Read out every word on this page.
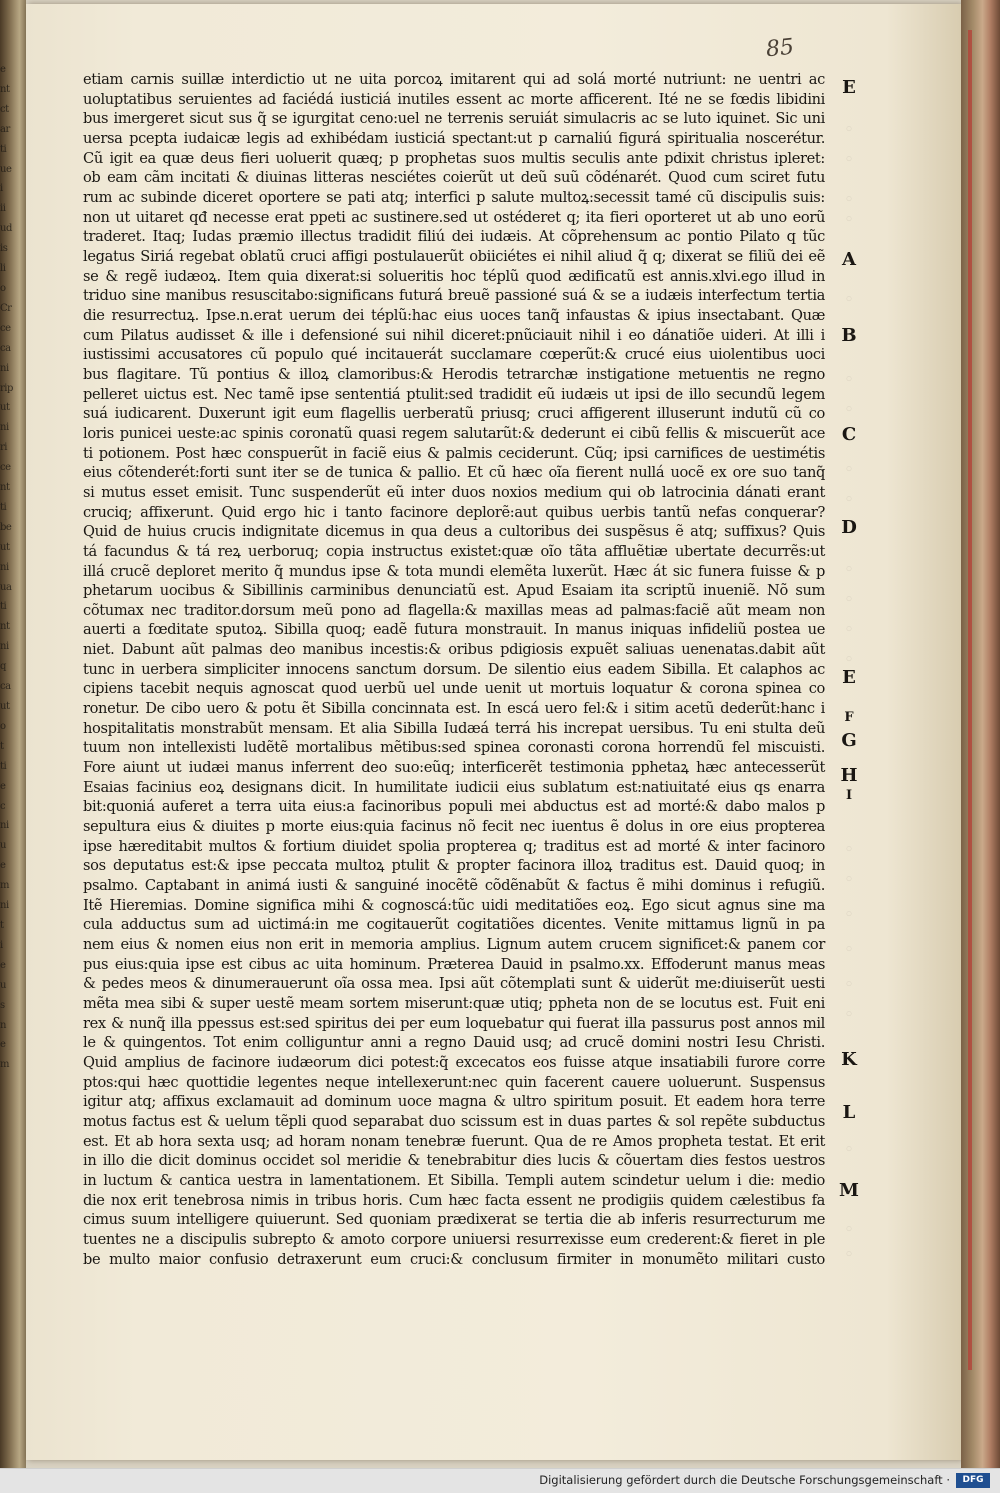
e
nt
ct
ar
ti
ue
i
ii
ud
is
li
o
Cr
ce
ca
ni
rip
ut
ni
ri
ce
nt
ti
be
ut
ni
ua
ti
nt
ni
q
ca
ut
o
t
ti
e
c
ni
u
e
m
ni
t
i
e
u
s
n
e
m
85
etiam carnis suillæ interdictio ut ne uita porcoꝝ imitarent qui ad solá morté nutriunt: ne uentri ac
uoluptatibus seruientes ad faciédá iusticiá inutiles essent ac morte afficerent. Ité ne se fœdis libidini
bus imergeret sicut sus q̃ se igurgitat ceno:uel ne terrenis seruiát simulacris ac se luto iquinet. Sic uni
uersa pcepta iudaicæ legis ad exhibédam iusticiá spectant:ut p carnaliú figurá spiritualia noscerétur.
Cũ igit ea quæ deus fieri uoluerit quæq; p prophetas suos multis seculis ante pdixit christus ipleret:
ob eam cãm incitati & diuinas litteras nesciétes coierũt ut deũ suũ cõdénarét. Quod cum sciret futu
rum ac subinde diceret oportere se pati atq; interfici p salute multoꝝ:secessit tamé cũ discipulis suis:
non ut uitaret qđ necesse erat ppeti ac sustinere.sed ut ostéderet q; ita fieri oporteret ut ab uno eorũ
traderet. Itaq; Iudas præmio illectus tradidit filiú dei iudæis. At cõprehensum ac pontio Pilato q tũc
legatus Siriá regebat oblatũ cruci affigi postulauerũt obiiciétes ei nihil aliud q̃ q; dixerat se filiũ dei eẽ
se & regẽ iudæoꝝ. Item quia dixerat:si solueritis hoc téplũ quod ædificatũ est annis.xlvi.ego illud in
triduo sine manibus resuscitabo:significans futurá breuẽ passioné suá & se a iudæis interfectum tertia
die resurrectuꝝ. Ipse.n.erat uerum dei téplũ:hac eius uoces tanq̃ infaustas & ipius insectabant. Quæ
cum Pilatus audisset & ille i defensioné sui nihil diceret:pnũciauit nihil i eo dánatiõe uideri. At illi i
iustissimi accusatores cũ populo qué incitauerát succlamare cœperũt:& crucé eius uiolentibus uoci
bus flagitare. Tũ pontius & illoꝝ clamoribus:& Herodis tetrarchæ instigatione metuentis ne regno
pelleret uictus est. Nec tamẽ ipse sententiá ptulit:sed tradidit eũ iudæis ut ipsi de illo secundũ legem
suá iudicarent. Duxerunt igit eum flagellis uerberatũ priusq; cruci affigerent illuserunt indutũ cũ co
loris punicei ueste:ac spinis coronatũ quasi regem salutarũt:& dederunt ei cibũ fellis & miscuerũt ace
ti potionem. Post hæc conspuerũt in faciẽ eius & palmis ceciderunt. Cũq; ipsi carnifices de uestimétis
eius cõtenderét:forti sunt iter se de tunica & pallio. Et cũ hæc oĩa fierent nullá uocẽ ex ore suo tanq̃
si mutus esset emisit. Tunc suspenderũt eũ inter duos noxios medium qui ob latrocinia dánati erant
cruciq; affixerunt. Quid ergo hic i tanto facinore deplorẽ:aut quibus uerbis tantũ nefas conquerar?
Quid de huius crucis indignitate dicemus in qua deus a cultoribus dei suspẽsus ẽ atq; suffixus? Quis
tá facundus & tá reꝝ uerboruq; copia instructus existet:quæ oĩo tãta affluẽtiæ ubertate decurrẽs:ut
illá crucẽ deploret merito q̃ mundus ipse & tota mundi elemẽta luxerũt. Hæc át sic funera fuisse & p
phetarum uocibus & Sibillinis carminibus denunciatũ est. Apud Esaiam ita scriptũ inueniẽ. Nõ sum
cõtumax nec traditor.dorsum meũ pono ad flagella:& maxillas meas ad palmas:faciẽ aũt meam non
auerti a fœditate sputoꝝ. Sibilla quoq; eadẽ futura monstrauit. In manus iniquas infideliũ postea ue
niet. Dabunt aũt palmas deo manibus incestis:& oribus pdigiosis expuẽt saliuas uenenatas.dabit aũt
tunc in uerbera simpliciter innocens sanctum dorsum. De silentio eius eadem Sibilla. Et calaphos ac
cipiens tacebit nequis agnoscat quod uerbũ uel unde uenit ut mortuis loquatur & corona spinea co
ronetur. De cibo uero & potu ẽt Sibilla concinnata est. In escá uero fel:& i sitim acetũ dederũt:hanc i
hospitalitatis monstrabũt mensam. Et alia Sibilla Iudæá terrá his increpat uersibus. Tu eni stulta deũ
tuum non intellexisti ludẽtẽ mortalibus mẽtibus:sed spinea coronasti corona horrendũ fel miscuisti.
Fore aiunt ut iudæi manus inferrent deo suo:eũq; interficerẽt testimonia pphetaꝝ hæc antecesserũt
Esaias facinius eoꝝ designans dicit. In humilitate iudicii eius sublatum est:natiuitaté eius qs enarra
bit:quoniá auferet a terra uita eius:a facinoribus populi mei abductus est ad morté:& dabo malos p
sepultura eius & diuites p morte eius:quia facinus nõ fecit nec iuentus ẽ dolus in ore eius propterea
ipse hæreditabit multos & fortium diuidet spolia propterea q; traditus est ad morté & inter facinoro
sos deputatus est:& ipse peccata multoꝝ ptulit & propter facinora illoꝝ traditus est. Dauid quoq; in
psalmo. Captabant in animá iusti & sanguiné inocẽtẽ cõdẽnabũt & factus ẽ mihi dominus i refugiũ.
Itẽ Hieremias. Domine significa mihi & cognoscá:tũc uidi meditatiões eoꝝ. Ego sicut agnus sine ma
cula adductus sum ad uictimá:in me cogitauerũt cogitatiões dicentes. Venite mittamus lignũ in pa
nem eius & nomen eius non erit in memoria amplius. Lignum autem crucem significet:& panem cor
pus eius:quia ipse est cibus ac uita hominum. Præterea Dauid in psalmo.xx. Effoderunt manus meas
& pedes meos & dinumerauerunt oĩa ossa mea. Ipsi aũt cõtemplati sunt & uiderũt me:diuiserũt uesti
mẽta mea sibi & super uestẽ meam sortem miserunt:quæ utiq; ppheta non de se locutus est. Fuit eni
rex & nunq̃ illa ppessus est:sed spiritus dei per eum loquebatur qui fuerat illa passurus post annos mil
le & quingentos. Tot enim colliguntur anni a regno Dauid usq; ad crucẽ domini nostri Iesu Christi.
Quid amplius de facinore iudæorum dici potest:q̃ excecatos eos fuisse atque insatiabili furore corre
ptos:qui hæc quottidie legentes neque intellexerunt:nec quin facerent cauere uoluerunt. Suspensus
igitur atq; affixus exclamauit ad dominum uoce magna & ultro spiritum posuit. Et eadem hora terre
motus factus est & uelum tẽpli quod separabat duo scissum est in duas partes & sol repẽte subductus
est. Et ab hora sexta usq; ad horam nonam tenebræ fuerunt. Qua de re Amos propheta testat. Et erit
in illo die dicit dominus occidet sol meridie & tenebrabitur dies lucis & cõuertam dies festos uestros
in luctum & cantica uestra in lamentationem. Et Sibilla. Templi autem scindetur uelum i die: medio
die nox erit tenebrosa nimis in tribus horis. Cum hæc facta essent ne prodigiis quidem cælestibus fa
cimus suum intelligere quiuerunt. Sed quoniam prædixerat se tertia die ab inferis resurrecturum me
tuentes ne a discipulis subrepto & amoto corpore uniuersi resurrexisse eum crederent:& fieret in ple
be multo maior confusio detraxerunt eum cruci:& conclusum firmiter in monumẽto militari custo
E
A
B
C
D
E
F
G
H
I
K
L
M
◦
◦
◦
◦
◦
◦
◦
◦
◦
◦
◦
◦
◦
◦
◦
◦
◦
◦
◦
◦
◦
◦
Digitalisierung gefördert durch die Deutsche Forschungsgemeinschaft ·	DFG
